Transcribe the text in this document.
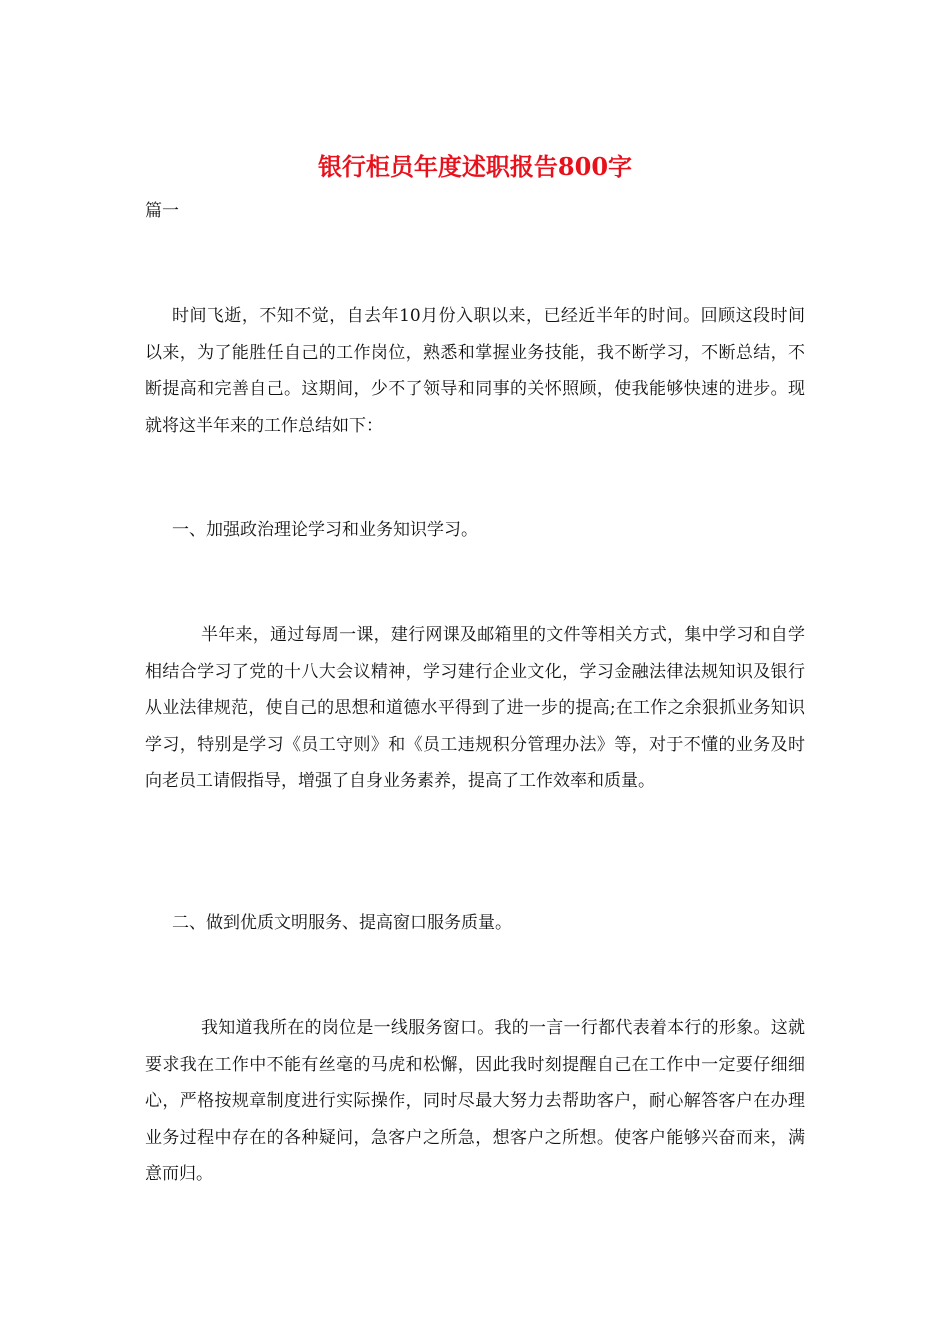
银行柜员年度述职报告800字

篇一

时间飞逝，不知不觉，自去年10月份入职以来，已经近半年的时间。回顾这段时间以来，为了能胜任自己的工作岗位，熟悉和掌握业务技能，我不断学习，不断总结，不断提高和完善自己。这期间，少不了领导和同事的关怀照顾，使我能够快速的进步。现就将这半年来的工作总结如下：

一、加强政治理论学习和业务知识学习。

半年来，通过每周一课，建行网课及邮箱里的文件等相关方式，集中学习和自学相结合学习了党的十八大会议精神，学习建行企业文化，学习金融法律法规知识及银行从业法律规范，使自己的思想和道德水平得到了进一步的提高;在工作之余狠抓业务知识学习，特别是学习《员工守则》和《员工违规积分管理办法》等，对于不懂的业务及时向老员工请假指导，增强了自身业务素养，提高了工作效率和质量。

二、做到优质文明服务、提高窗口服务质量。

我知道我所在的岗位是一线服务窗口。我的一言一行都代表着本行的形象。这就要求我在工作中不能有丝毫的马虎和松懈，因此我时刻提醒自己在工作中一定要仔细细心，严格按规章制度进行实际操作，同时尽最大努力去帮助客户，耐心解答客户在办理业务过程中存在的各种疑问，急客户之所急，想客户之所想。使客户能够兴奋而来，满意而归。
